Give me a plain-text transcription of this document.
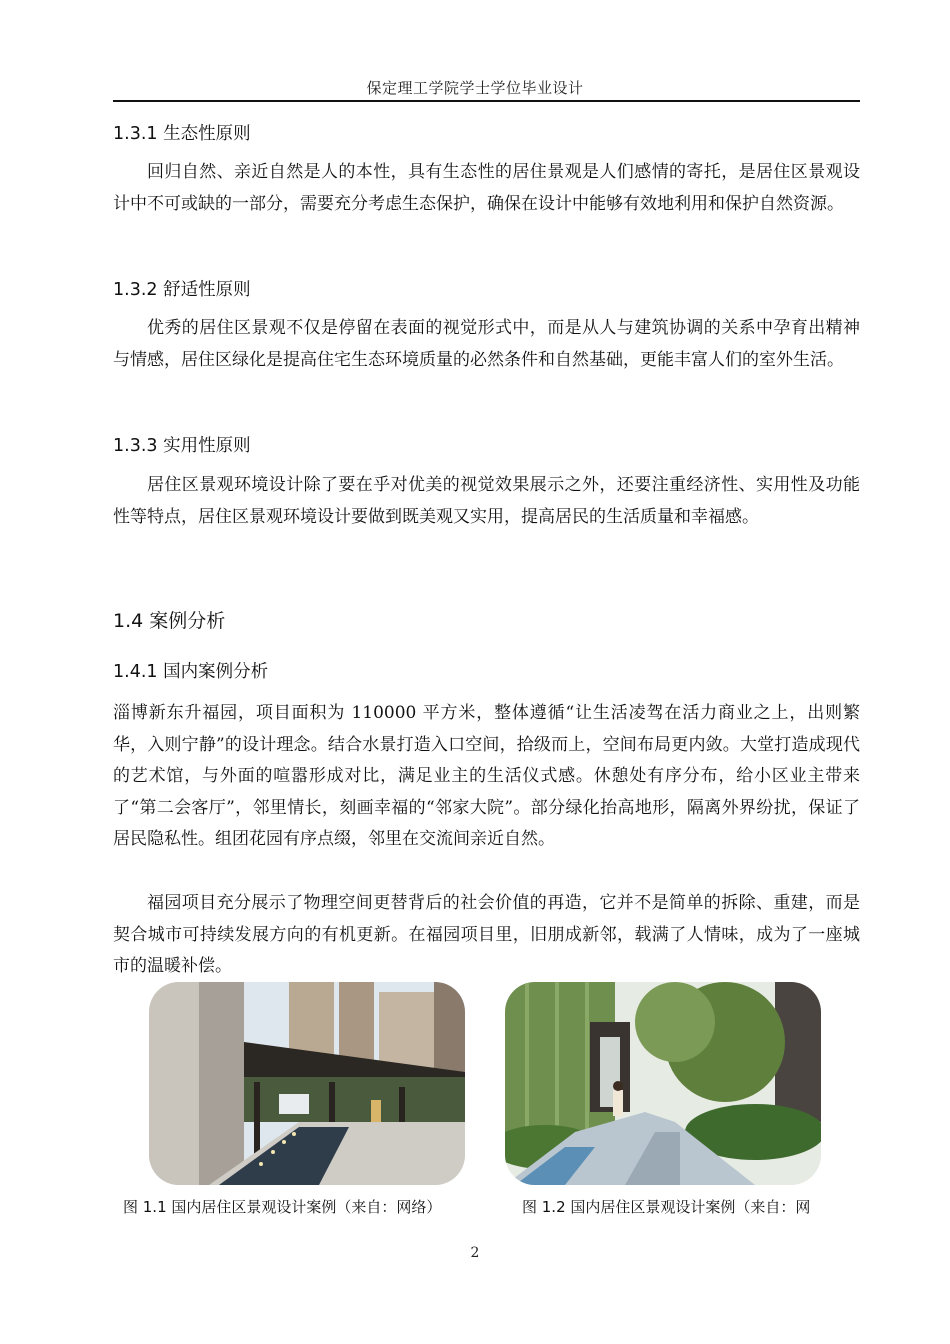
保定理工学院学士学位毕业设计
1.3.1 生态性原则

回归自然、亲近自然是人的本性，具有生态性的居住景观是人们感情的寄托，是居住区景观设计中不可或缺的一部分，需要充分考虑生态保护，确保在设计中能够有效地利用和保护自然资源。

1.3.2 舒适性原则

优秀的居住区景观不仅是停留在表面的视觉形式中，而是从人与建筑协调的关系中孕育出精神与情感，居住区绿化是提高住宅生态环境质量的必然条件和自然基础，更能丰富人们的室外生活。

1.3.3 实用性原则

居住区景观环境设计除了要在乎对优美的视觉效果展示之外，还要注重经济性、实用性及功能性等特点，居住区景观环境设计要做到既美观又实用，提高居民的生活质量和幸福感。

1.4 案例分析
1.4.1 国内案例分析

淄博新东升福园，项目面积为 110000 平方米，整体遵循“让生活凌驾在活力商业之上，出则繁华，入则宁静”的设计理念。结合水景打造入口空间，拾级而上，空间布局更内敛。大堂打造成现代的艺术馆，与外面的喧嚣形成对比，满足业主的生活仪式感。休憩处有序分布，给小区业主带来了“第二会客厅”，邻里情长，刻画幸福的“邻家大院”。部分绿化抬高地形，隔离外界纷扰，保证了居民隐私性。组团花园有序点缀，邻里在交流间亲近自然。

福园项目充分展示了物理空间更替背后的社会价值的再造，它并不是简单的拆除、重建，而是契合城市可持续发展方向的有机更新。在福园项目里，旧朋成新邻，载满了人情味，成为了一座城市的温暖补偿。

图 1.1 国内居住区景观设计案例（来自：网络）	图 1.2 国内居住区景观设计案例（来自：网
2
